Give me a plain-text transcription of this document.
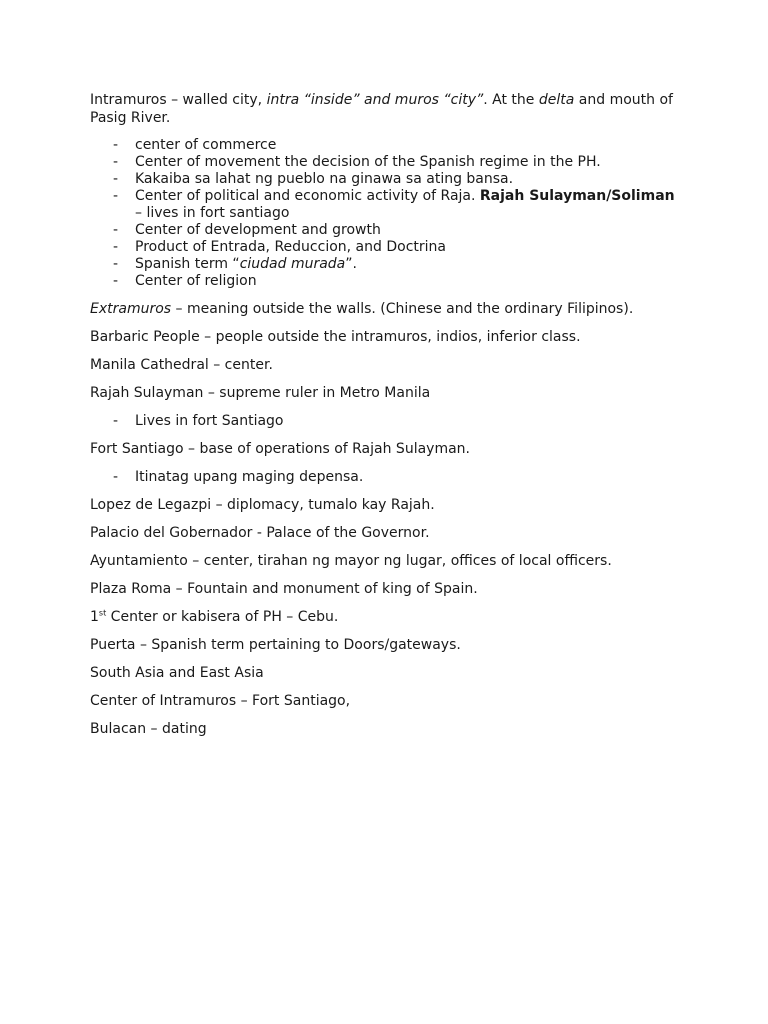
Intramuros – walled city, intra “inside” and muros “city”. At the delta and mouth of Pasig River.

- center of commerce
- Center of movement the decision of the Spanish regime in the PH.
- Kakaiba sa lahat ng pueblo na ginawa sa ating bansa.
- Center of political and economic activity of Raja. Rajah Sulayman/Soliman
– lives in fort santiago
- Center of development and growth
- Product of Entrada, Reduccion, and Doctrina
- Spanish term “ciudad murada”.
- Center of religion

Extramuros – meaning outside the walls. (Chinese and the ordinary Filipinos).

Barbaric People – people outside the intramuros, indios, inferior class.

Manila Cathedral – center.

Rajah Sulayman – supreme ruler in Metro Manila

- Lives in fort Santiago

Fort Santiago – base of operations of Rajah Sulayman.

- Itinatag upang maging depensa.

Lopez de Legazpi – diplomacy, tumalo kay Rajah.

Palacio del Gobernador - Palace of the Governor.

Ayuntamiento – center, tirahan ng mayor ng lugar, offices of local officers.

Plaza Roma – Fountain and monument of king of Spain.

1st Center or kabisera of PH – Cebu.

Puerta – Spanish term pertaining to Doors/gateways.

South Asia and East Asia

Center of Intramuros – Fort Santiago,

Bulacan – dating
